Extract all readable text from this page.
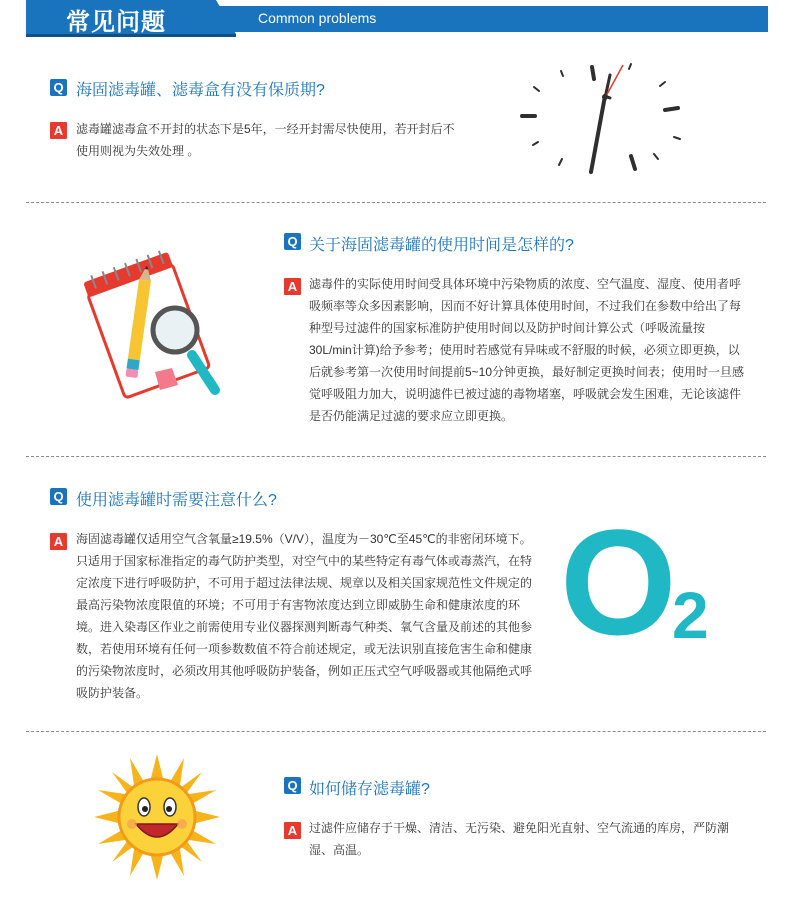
常见问题	Common problems
Q 海固滤毒罐、滤毒盒有没有保质期?
A	滤毒罐滤毒盒不开封的状态下是5年，一经开封需尽快使用，若开封后不使用则视为失效处理 。
Q 关于海固滤毒罐的使用时间是怎样的?
A 滤毒件的实际使用时间受具体环境中污染物质的浓度、空气温度、湿度、使用者呼吸频率等众多因素影响，因而不好计算具体使用时间，不过我们在参数中给出了每种型号过滤件的国家标准防护使用时间以及防护时间计算公式（呼吸流量按30L/min计算)给予参考；使用时若感觉有异味或不舒服的时候，必须立即更换，以后就参考第一次使用时间提前5~10分钟更换，最好制定更换时间表；使用时一旦感觉呼吸阻力加大，说明滤件已被过滤的毒物堵塞，呼吸就会发生困难，无论该滤件是否仍能满足过滤的要求应立即更换。
Q 使用滤毒罐时需要注意什么?
A	海固滤毒罐仅适用空气含氧量≥19.5%（V/V），温度为－30℃至45℃的非密闭环境下。只适用于国家标准指定的毒气防护类型，对空气中的某些特定有毒气体或毒蒸汽，在特定浓度下进行呼吸防护，不可用于超过法律法规、规章以及相关国家规范性文件规定的最高污染物浓度限值的环境；不可用于有害物浓度达到立即威胁生命和健康浓度的环境。进入染毒区作业之前需使用专业仪器探测判断毒气种类、氧气含量及前述的其他参数，若使用环境有任何一项参数数值不符合前述规定，或无法识别直接危害生命和健康的污染物浓度时，必须改用其他呼吸防护装备，例如正压式空气呼吸器或其他隔绝式呼吸防护装备。
O
2
Q 如何储存滤毒罐?
A 过滤件应储存于干燥、清洁、无污染、避免阳光直射、空气流通的库房，严防潮湿、高温。
